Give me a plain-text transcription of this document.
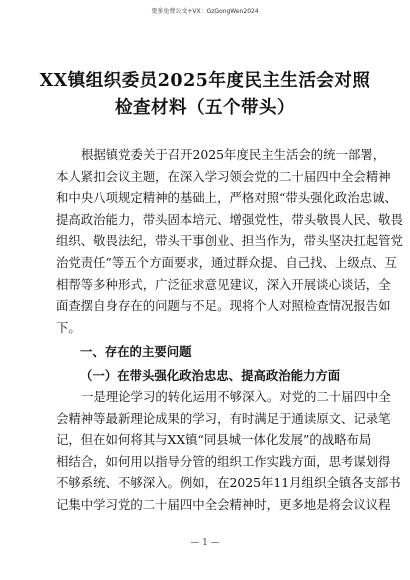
更多免费公文+VX：GzGongWen2024
XX镇组织委员2025年度民主生活会对照
检查材料（五个带头）
根据镇党委关于召开2025年度民主生活会的统一部署，
本人紧扣会议主题，在深入学习领会党的二十届四中全会精神
和中央八项规定精神的基础上，严格对照“带头强化政治忠诚、
提高政治能力，带头固本培元、增强党性，带头敬畏人民、敬畏
组织、敬畏法纪，带头干事创业、担当作为，带头坚决扛起管党
治党责任”等五个方面要求，通过群众提、自己找、上级点、互
相帮等多种形式，广泛征求意见建议，深入开展谈心谈话，全
面查摆自身存在的问题与不足。现将个人对照检查情况报告如
下。
一、存在的主要问题
（一）在带头强化政治忠忠、提高政治能力方面
一是理论学习的转化运用不够深入。对党的二十届四中全
会精神等最新理论成果的学习，有时满足于通读原文、记录笔
记，但在如何将其与XX镇“同县城一体化发展”的战略布局
相结合，如何用以指导分管的组织工作实践方面，思考谋划得
不够系统、不够深入。例如，在2025年11月组织全镇各支部书
记集中学习党的二十届四中全会精神时，更多地是将会议议程
— 1 —
